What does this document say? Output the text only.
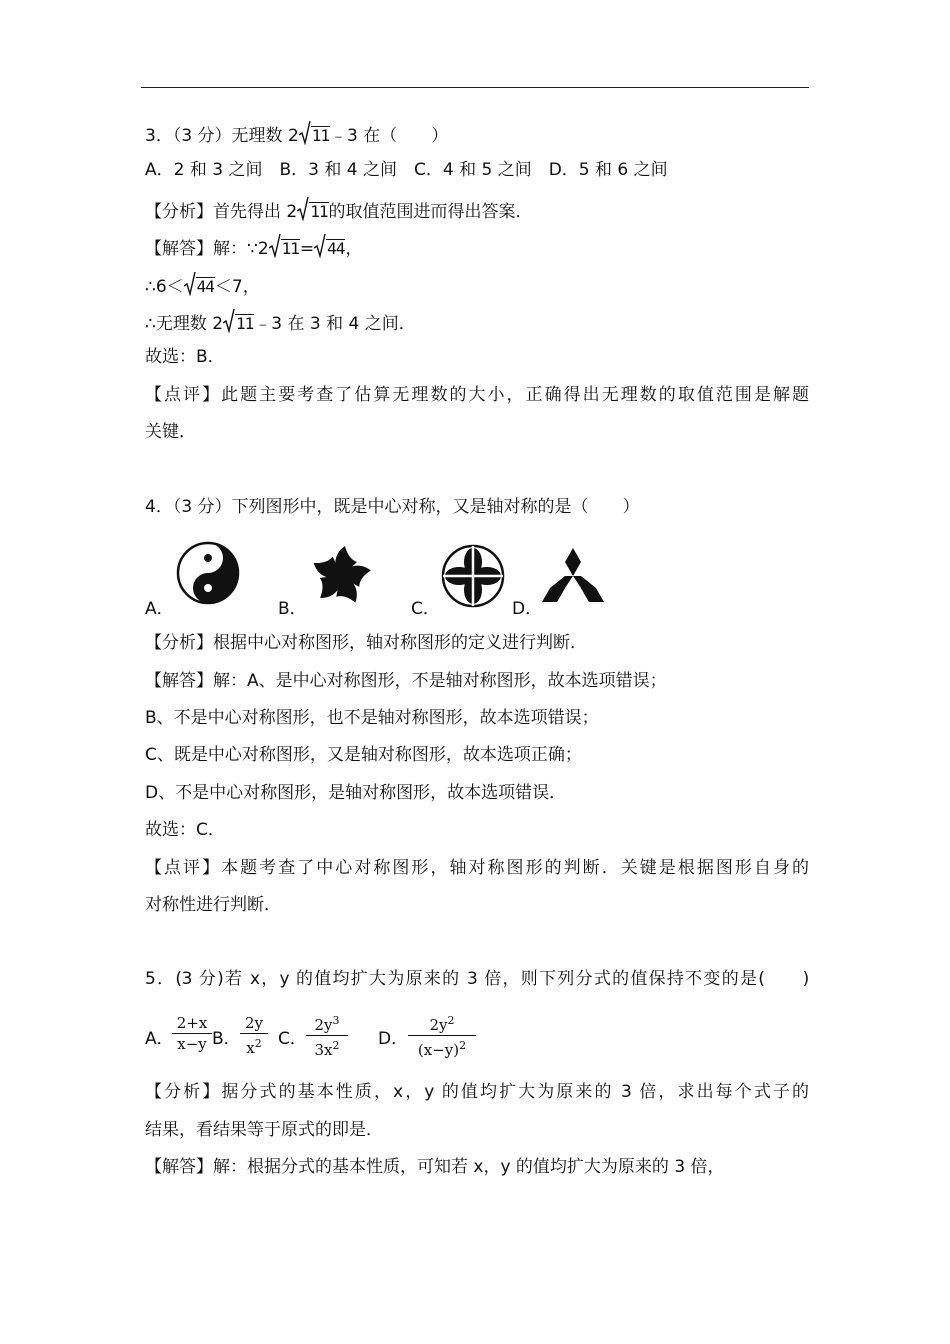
3．（3 分）无理数 2 11 ﹣3 在（　　）
A．2 和 3 之间　B．3 和 4 之间　C．4 和 5 之间　D．5 和 6 之间
【分析】首先得出 2 11 的取值范围进而得出答案．
【解答】解：∵2 11 = 44 ，
∴6＜ 44 ＜7，
∴无理数 2 11 ﹣3 在 3 和 4 之间．
故选：B．
【点评】此题主要考查了估算无理数的大小，正确得出无理数的取值范围是解题
关键．
4．（3 分）下列图形中，既是中心对称，又是轴对称的是（　　）
A．	B．	C．	D．
【分析】根据中心对称图形，轴对称图形的定义进行判断．
【解答】解：A、是中心对称图形，不是轴对称图形，故本选项错误；
B、不是中心对称图形，也不是轴对称图形，故本选项错误；
C、既是中心对称图形，又是轴对称图形，故本选项正确；
D、不是中心对称图形，是轴对称图形，故本选项错误．
故选：C．
【点评】本题考查了中心对称图形，轴对称图形的判断．关键是根据图形自身的
对称性进行判断．
5．(3 分)若 x，y 的值均扩大为原来的 3 倍，则下列分式的值保持不变的是(　　)
A．
2+x
x−y B．
2y
$x^2$ C．
$2y^3$
$3x^2$	D．
$2y^2$
$(x-y)^2$
【分析】据分式的基本性质，x，y 的值均扩大为原来的 3 倍，求出每个式子的
结果，看结果等于原式的即是．
【解答】解：根据分式的基本性质，可知若 x，y 的值均扩大为原来的 3 倍，
